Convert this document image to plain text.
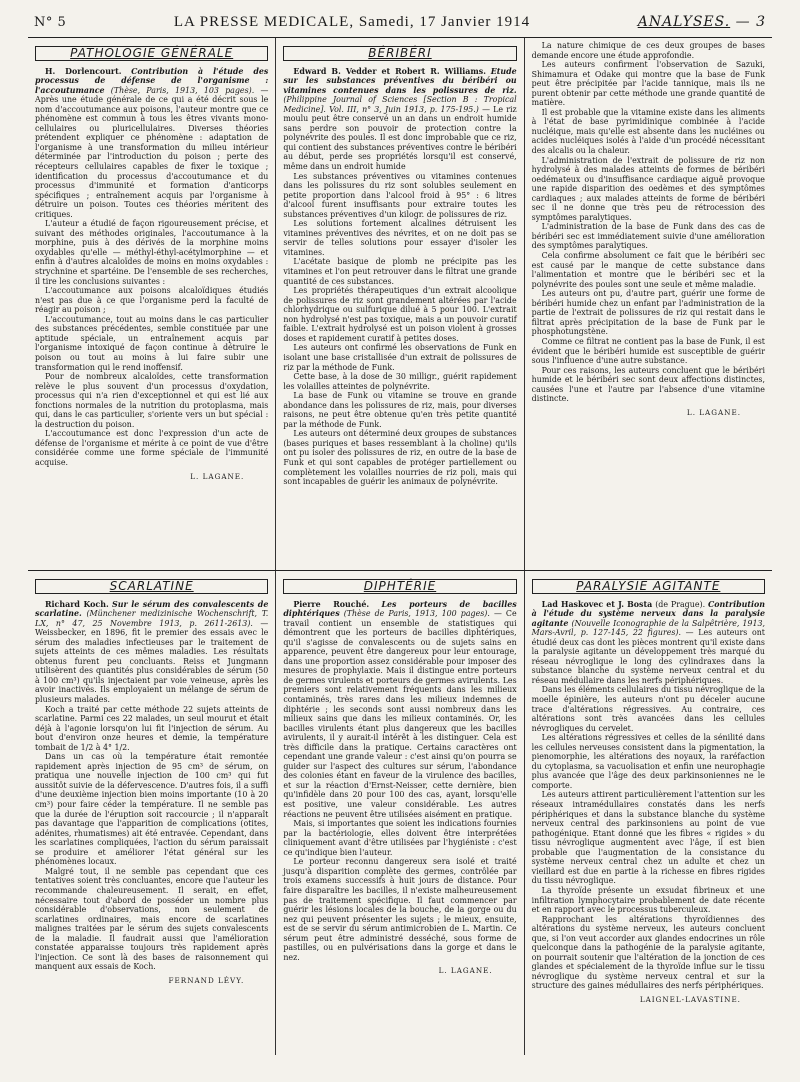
N° 5	LA PRESSE MEDICALE, Samedi, 17 Janvier 1914	ANALYSES. — 3
PATHOLOGIE GÉNÉRALE

H. Dorlencourt. Contribution à l'étude des processus de défense de l'organisme : l'accoutumance (Thèse, Paris, 1913, 103 pages). — Après une étude générale de ce qui a été décrit sous le nom d'accoutumance aux poisons, l'auteur montre que ce phénomène est commun à tous les êtres vivants mono-cellulaires ou pluricellulaires. Diverses théories prétendent expliquer ce phénomène : adaptation de l'organisme à une transformation du milieu intérieur déterminée par l'introduction du poison ; perte des récepteurs cellulaires capables de fixer le toxique ; identification du processus d'accoutumance et du processus d'immunité et formation d'anticorps spécifiques ; entraînement acquis par l'organisme à détruire un poison. Toutes ces théories méritent des critiques.

L'auteur a étudié de façon rigoureusement précise, et suivant des méthodes originales, l'accoutumance à la morphine, puis à des dérivés de la morphine moins oxydables qu'elle — méthyl-éthyl-acétylmorphine — et enfin à d'autres alcaloïdes de moins en moins oxydables : strychnine et spartéine. De l'ensemble de ses recherches, il tire les conclusions suivantes :

L'accoutumance aux poisons alcaloïdiques étudiés n'est pas due à ce que l'organisme perd la faculté de réagir au poison ;

L'accoutumance, tout au moins dans le cas particulier des substances précédentes, semble constituée par une aptitude spéciale, un entraînement acquis par l'organisme intoxiqué de façon continue à détruire le poison ou tout au moins à lui faire subir une transformation qui le rend inoffensif.

Pour de nombreux alcaloïdes, cette transformation relève le plus souvent d'un processus d'oxydation, processus qui n'a rien d'exceptionnel et qui est lié aux fonctions normales de la nutrition du protoplasma, mais qui, dans le cas particulier, s'oriente vers un but spécial : la destruction du poison.

L'accoutumance est donc l'expression d'un acte de défense de l'organisme et mérite à ce point de vue d'être considérée comme une forme spéciale de l'immunité acquise.

L. LAGANE.
BÉRIBÉRI

Edward B. Vedder et Robert R. Williams. Etude sur les substances préventives du béribéri ou vitamines contenues dans les polissures de riz. (Philippine Journal of Sciences [Section B : Tropical Medicine]. Vol. III, n° 3, Juin 1913, p. 175-195.) — Le riz moulu peut être conservé un an dans un endroit humide sans perdre son pouvoir de protection contre la polynévrite des poules. Il est donc improbable que ce riz, qui contient des substances préventives contre le béribéri au début, perde ses propriétés lorsqu'il est conservé, même dans un endroit humide

Les substances préventives ou vitamines contenues dans les polissures du riz sont solubles seulement en petite proportion dans l'alcool froid à 95° : 6 litres d'alcool furent insuffisants pour extraire toutes les substances préventives d'un kilogr. de polissures de riz.

Les solutions fortement alcalines détruisent les vitamines préventives des névrites, et on ne doit pas se servir de telles solutions pour essayer d'isoler les vitamines.

L'acétate basique de plomb ne précipite pas les vitamines et l'on peut retrouver dans le filtrat une grande quantité de ces substances.

Les propriétés thérapeutiques d'un extrait alcoolique de polissures de riz sont grandement altérées par l'acide chlorhydrique ou sulfurique dilué à 5 pour 100. L'extrait non hydrolysé n'est pas toxique, mais a un pouvoir curatif faible. L'extrait hydrolysé est un poison violent à grosses doses et rapidement curatif à petites doses.

Les auteurs ont confirmé les observations de Funk en isolant une base cristallisée d'un extrait de polissures de riz par la méthode de Funk.

Cette base, à la dose de 30 milligr., guérit rapidement les volailles atteintes de polynévrite.

La base de Funk ou vitamine se trouve en grande abondance dans les polissures de riz, mais, pour diverses raisons, ne peut être obtenue qu'en très petite quantité par la méthode de Funk.

Les auteurs ont déterminé deux groupes de substances (bases puriques et bases ressemblant à la choline) qu'ils ont pu isoler des polissures de riz, en outre de la base de Funk et qui sont capables de protéger partiellement ou complètement les volailles nourries de riz poli, mais qui sont incapables de guérir les animaux de polynévrite.

La nature chimique de ces deux groupes de bases demande encore une étude approfondie.

Les auteurs confirment l'observation de Sazuki, Shimamura et Odake qui montre que la base de Funk peut être précipitée par l'acide tannique, mais ils ne purent obtenir par cette méthode une grande quantité de matière.

Il est probable que la vitamine existe dans les aliments à l'état de base pyrimidinique combinée à l'acide nucléique, mais qu'elle est absente dans les nucléines ou acides nucléiques isolés à l'aide d'un procédé nécessitant des alcalis ou la chaleur.

L'administration de l'extrait de polissure de riz non hydrolysé à des malades atteints de formes de béribéri oedémateux ou d'insuffisance cardiaque aiguë provoque une rapide disparition des oedèmes et des symptômes cardiaques ; aux malades atteints de forme de béribéri sec il ne donne que très peu de rétrocession des symptômes paralytiques.

L'administration de la base de Funk dans des cas de béribéri sec est immédiatement suivie d'une amélioration des symptômes paralytiques.

Cela confirme absolument ce fait que le béribéri sec est causé par le manque de cette substance dans l'alimentation et montre que le béribéri sec et la polynévrite des poules sont une seule et même maladie.

Les auteurs ont pu, d'autre part, guérir une forme de béribéri humide chez un enfant par l'administration de la partie de l'extrait de polissures de riz qui restait dans le filtrat après précipitation de la base de Funk par le phosphotungstène.

Comme ce filtrat ne contient pas la base de Funk, il est évident que le béribéri humide est susceptible de guérir sous l'influence d'une autre substance.

Pour ces raisons, les auteurs concluent que le béribéri humide et le béribéri sec sont deux affections distinctes, causées l'une et l'autre par l'absence d'une vitamine distincte.

L. LAGANE.
SCARLATINE

Richard Koch. Sur le sérum des convalescents de scarlatine. (Münchener medizinische Wochenschrift, T. LX, n° 47, 25 Novembre 1913, p. 2611-2613). — Weissbecker, en 1896, fit le premier des essais avec le sérum des maladies infectieuses par le traitement de sujets atteints de ces mêmes maladies. Les résultats obtenus furent peu concluants. Reiss et Jungmann utilisèrent des quantités plus considérables de sérum (50 à 100 cm³) qu'ils injectaient par voie veineuse, après les avoir inactivés. Ils employaient un mélange de sérum de plusieurs malades.

Koch a traité par cette méthode 22 sujets atteints de scarlatine. Parmi ces 22 malades, un seul mourut et était déjà à l'agonie lorsqu'on lui fit l'injection de sérum. Au bout d'environ onze heures et demie, la température tombait de 1/2 à 4° 1/2.

Dans un cas où la température était remontée rapidement après injection de 95 cm³ de sérum, on pratiqua une nouvelle injection de 100 cm³ qui fut aussitôt suivie de la défervescence. D'autres fois, il a suffi d'une deuxième injection bien moins importante (10 à 20 cm³) pour faire céder la température. Il ne semble pas que la durée de l'éruption soit raccourcie ; il n'apparaît pas davantage que l'apparition de complications (otites, adénites, rhumatismes) ait été entravée. Cependant, dans les scarlatines compliquées, l'action du sérum paraissait se produire et améliorer l'état général sur les phénomènes locaux.

Malgré tout, il ne semble pas cependant que ces tentatives soient très concluantes, encore que l'auteur les recommande chaleureusement. Il serait, en effet, nécessaire tout d'abord de posséder un nombre plus considérable d'observations, non seulement de scarlatines ordinaires, mais encore de scarlatines malignes traitées par le sérum des sujets convalescents de la maladie. Il faudrait aussi que l'amélioration constatée apparaisse toujours très rapidement après l'injection. Ce sont là des bases de raisonnement qui manquent aux essais de Koch.

FERNAND LÉVY.
DIPHTÉRIE

Pierre Rouché. Les porteurs de bacilles diphtériques (Thèse de Paris, 1913, 100 pages). — Ce travail contient un ensemble de statistiques qui démontrent que les porteurs de bacilles diphtériques, qu'il s'agisse de convalescents ou de sujets sains en apparence, peuvent être dangereux pour leur entourage, dans une proportion assez considérable pour imposer des mesures de prophylaxie. Mais il distingue entre porteurs de germes virulents et porteurs de germes avirulents. Les premiers sont relativement fréquents dans les milieux contaminés, très rares dans les milieux indemnes de diphtérie ; les seconds sont aussi nombreux dans les milieux sains que dans les milieux contaminés. Or, les bacilles virulents étant plus dangereux que les bacilles avirulents, il y aurait-il intérêt à les distinguer. Cela est très difficile dans la pratique. Certains caractères ont cependant une grande valeur : c'est ainsi qu'on pourra se guider sur l'aspect des cultures sur sérum, l'abondance des colonies étant en faveur de la virulence des bacilles, et sur la réaction d'Ernst-Neisser, cette dernière, bien qu'infidèle dans 20 pour 100 des cas, ayant, lorsqu'elle est positive, une valeur considérable. Les autres réactions ne peuvent être utilisées aisément en pratique.

Mais, si importantes que soient les indications fournies par la bactériologie, elles doivent être interprétées cliniquement avant d'être utilisées par l'hygiéniste : c'est ce qu'indique bien l'auteur.

Le porteur reconnu dangereux sera isolé et traité jusqu'à disparition complète des germes, contrôlée par trois examens successifs à huit jours de distance. Pour faire disparaître les bacilles, il n'existe malheureusement pas de traitement spécifique. Il faut commencer par guérir les lésions locales de la bouche, de la gorge ou du nez qui peuvent présenter les sujets ; le mieux, ensuite, est de se servir du sérum antimicrobien de L. Martin. Ce sérum peut être administré desséché, sous forme de pastilles, ou en pulvérisations dans la gorge et dans le nez.

L. LAGANE.
PARALYSIE AGITANTE

Lad Haskovec et J. Bosta (de Prague). Contribution à l'étude du système nerveux dans la paralysie agitante (Nouvelle Iconographie de la Salpêtrière, 1913, Mars-Avril, p. 127-145, 22 figures). — Les auteurs ont étudié deux cas dont les pièces montrent qu'il existe dans la paralysie agitante un développement très marqué du réseau névroglique le long des cylindraxes dans la substance blanche du système nerveux central et du réseau médullaire dans les nerfs périphériques.

Dans les éléments cellulaires du tissu névroglique de la moelle épinière, les auteurs n'ont pu déceler aucune trace d'altérations régressives. Au contraire, ces altérations sont très avancées dans les cellules névrogliques du cervelet.

Les altérations régressives et celles de la sénilité dans les cellules nerveuses consistent dans la pigmentation, la pienomorphie, les altérations des noyaux, la raréfaction du cytoplasma, sa vacuolisation et enfin une neurophagie plus avancée que l'âge des deux parkinsoniennes ne le comporte.

Les auteurs attirent particulièrement l'attention sur les réseaux intramédullaires constatés dans les nerfs périphériques et dans la substance blanche du système nerveux central des parkinsoniens au point de vue pathogénique. Etant donné que les fibres « rigides » du tissu névroglique augmentent avec l'âge, il est bien probable que l'augmentation de la consistance du système nerveux central chez un adulte et chez un vieillard est due en partie à la richesse en fibres rigides du tissu névroglique.

La thyroïde présente un exsudat fibrineux et une infiltration lymphocytaire probablement de date récente et en rapport avec le processus tuberculeux.

Rapprochant les altérations thyroïdiennes des altérations du système nerveux, les auteurs concluent que, si l'on veut accorder aux glandes endocrines un rôle quelconque dans la pathogénie de la paralysie agitante, on pourrait soutenir que l'altération de la jonction de ces glandes et spécialement de la thyroïde influe sur le tissu névroglique du système nerveux central et sur la structure des gaines médullaires des nerfs périphériques.

LAIGNEL-LAVASTINE.
